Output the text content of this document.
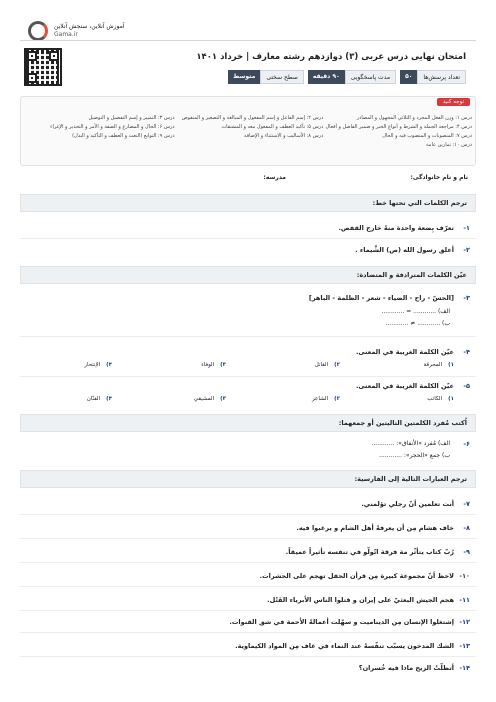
آموزش آنلاین، سنجش آنلاین
Gama.ir
امتحان نهایی درس عربی (۳) دوازدهم رشته معارف | خرداد ۱۴۰۱
تعداد پرسش‌ها
۵۰
مدت پاسخگویی
۹۰ دقیقه
سطح سختی
متوسط
توجه کنید
درس ۱: وزن الفعل المجرد و الثلاثي المجهول و المصادر
درس ۲: إسم الفاعل و إسم المفعول و المبالغة و التصغير و المنقوص
درس ۳: التمييز و إسم التفضيل و التوصيل
درس ۴: مراجعة الجملة و الشرط و أنواع الخبر و ضمير الفاصل و أفعال
درس ۵: تأكيد العطف و المفعول معه و المشتقات
درس ۶: الحال و المضارع و الصفة و الأمر و التحذير و الإغراء
درس ۷: المنصوبات و المنصوب فيه و الحال
درس ۸: الأساليب و الاستثناء و الإضافة
درس ۹: التوابع (النعت و العطف و التأكيد و البدل)
درس ۱۰: تمارين عامة
نام و نام خانوادگی:
مدرسه:
ترجم الكلمات التي تحتها خط:
۱-
تعرّف بِضعة واحدة منهُ خارج القفص.
۲-
أعلق رسول الله (ص) الشَّيماء .
عيّن الكلمات المترادفة و المتضادة:
۳-
[الحسّ - راح - الضياء - شعر - الظلمة - الباهر]
الف) ............ = ............
ب) ............ ≠ ............
۴-
عيّن الكلمة الغريبة في المعنى.
۱)
المحرقة
۲)
القاتل
۳)
الوفاء
۴)
الإنتحار
۵-
عيّن الكلمة الغريبة في المعنى.
۱)
الكاتب
۲)
الشاعر
۳)
المشيقي
۴)
الفنّان
اُكتب مُفرد الكلمتين التاليتين أو جمعهما:
۶-
الف) مُفرد «الأنفاق»: ............
ب) جمع «الحجر»: ............
ترجم العبارات التالية إلى الفارسية:
۷-
أنت تعلمين أنّ رجلي تؤلمني.
۸-
خاف هشام مِن أن يعرفهُ أهل الشام و يرغبوا فيه.
۹-
رُبّ كتاب يتأثّر مة فرقة اتّولّو في تنفسه تأثيراً عميقاً.
۱۰-
لاحظ أنّ مجموعة كبيرة مِن قرأن الحقل تهجم على الحشرات.
۱۱-
هجم الجيش البعثيّ على إيران و قتلوا الناس الأبرياء القَتْل.
۱۲-
إشتغلوا الإنسان مِن الديناميت و سهّلت أعمالهُ الأحمة في شق القنوات.
۱۳-
الشك المدخون يسبّب تنفّسهُ عند النماء في غاف مِن المواد الكيماوية.
۱۴-
أتظلّتُ الزيح ماذا فيه خُسران؟
